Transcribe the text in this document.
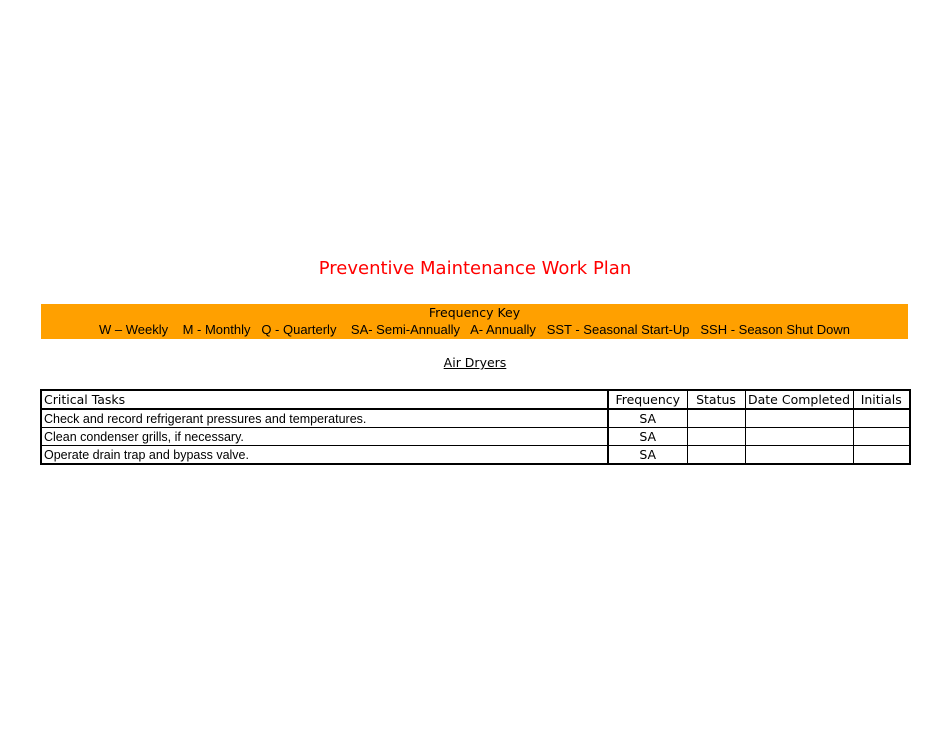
Preventive Maintenance Work Plan
Frequency Key
W – Weekly    M - Monthly   Q - Quarterly    SA- Semi-Annually   A- Annually   SST - Seasonal Start-Up   SSH - Season Shut Down
Air Dryers
Critical Tasks	Frequency	Status	Date Completed	Initials
Check and record refrigerant pressures and temperatures.	SA			
Clean condenser grills, if necessary.	SA			
Operate drain trap and bypass valve.	SA			
